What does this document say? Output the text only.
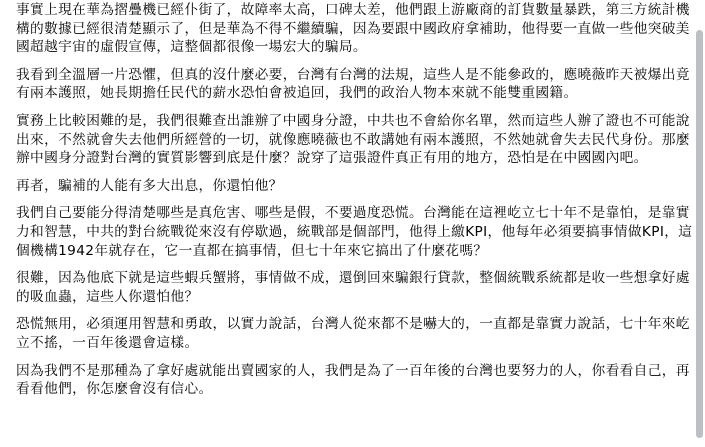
事實上現在華為摺疊機已經仆街了，故障率太高，口碑太差，他們跟上游廠商的訂貨數量暴跌，第三方統計機構的數據已經很清楚顯示了，但是華為不得不繼續騙，因為要跟中國政府拿補助，他得要一直做一些他突破美國超越宇宙的虛假宣傳，這整個都很像一場宏大的騙局。

我看到全溫層一片恐懼，但真的沒什麼必要，台灣有台灣的法規，這些人是不能參政的，應曉薇昨天被爆出竟有兩本護照，她長期擔任民代的薪水恐怕會被追回，我們的政治人物本來就不能雙重國籍。

實務上比較困難的是，我們很難查出誰辦了中國身分證，中共也不會給你名單，然而這些人辦了證也不可能說出來，不然就會失去他們所經營的一切，就像應曉薇也不敢講她有兩本護照，不然她就會失去民代身份。那麼辦中國身分證對台灣的實質影響到底是什麼？說穿了這張證件真正有用的地方，恐怕是在中國國內吧。

再者，騙補的人能有多大出息，你還怕他？

我們自己要能分得清楚哪些是真危害、哪些是假，不要過度恐慌。台灣能在這裡屹立七十年不是靠怕，是靠實力和智慧，中共的對台統戰從來沒有停歇過，統戰部是個部門，他得上繳KPI，他每年必須要搞事情做KPI，這個機構1942年就存在，它一直都在搞事情，但七十年來它搞出了什麼花嗎？

很難，因為他底下就是這些蝦兵蟹將，事情做不成，還倒回來騙銀行貸款，整個統戰系統都是收一些想拿好處的吸血蟲，這些人你還怕他？

恐慌無用，必須運用智慧和勇敢，以實力說話，台灣人從來都不是嚇大的，一直都是靠實力說話，七十年來屹立不搖，一百年後還會這樣。

因為我們不是那種為了拿好處就能出賣國家的人，我們是為了一百年後的台灣也要努力的人，你看看自己，再看看他們，你怎麼會沒有信心。
